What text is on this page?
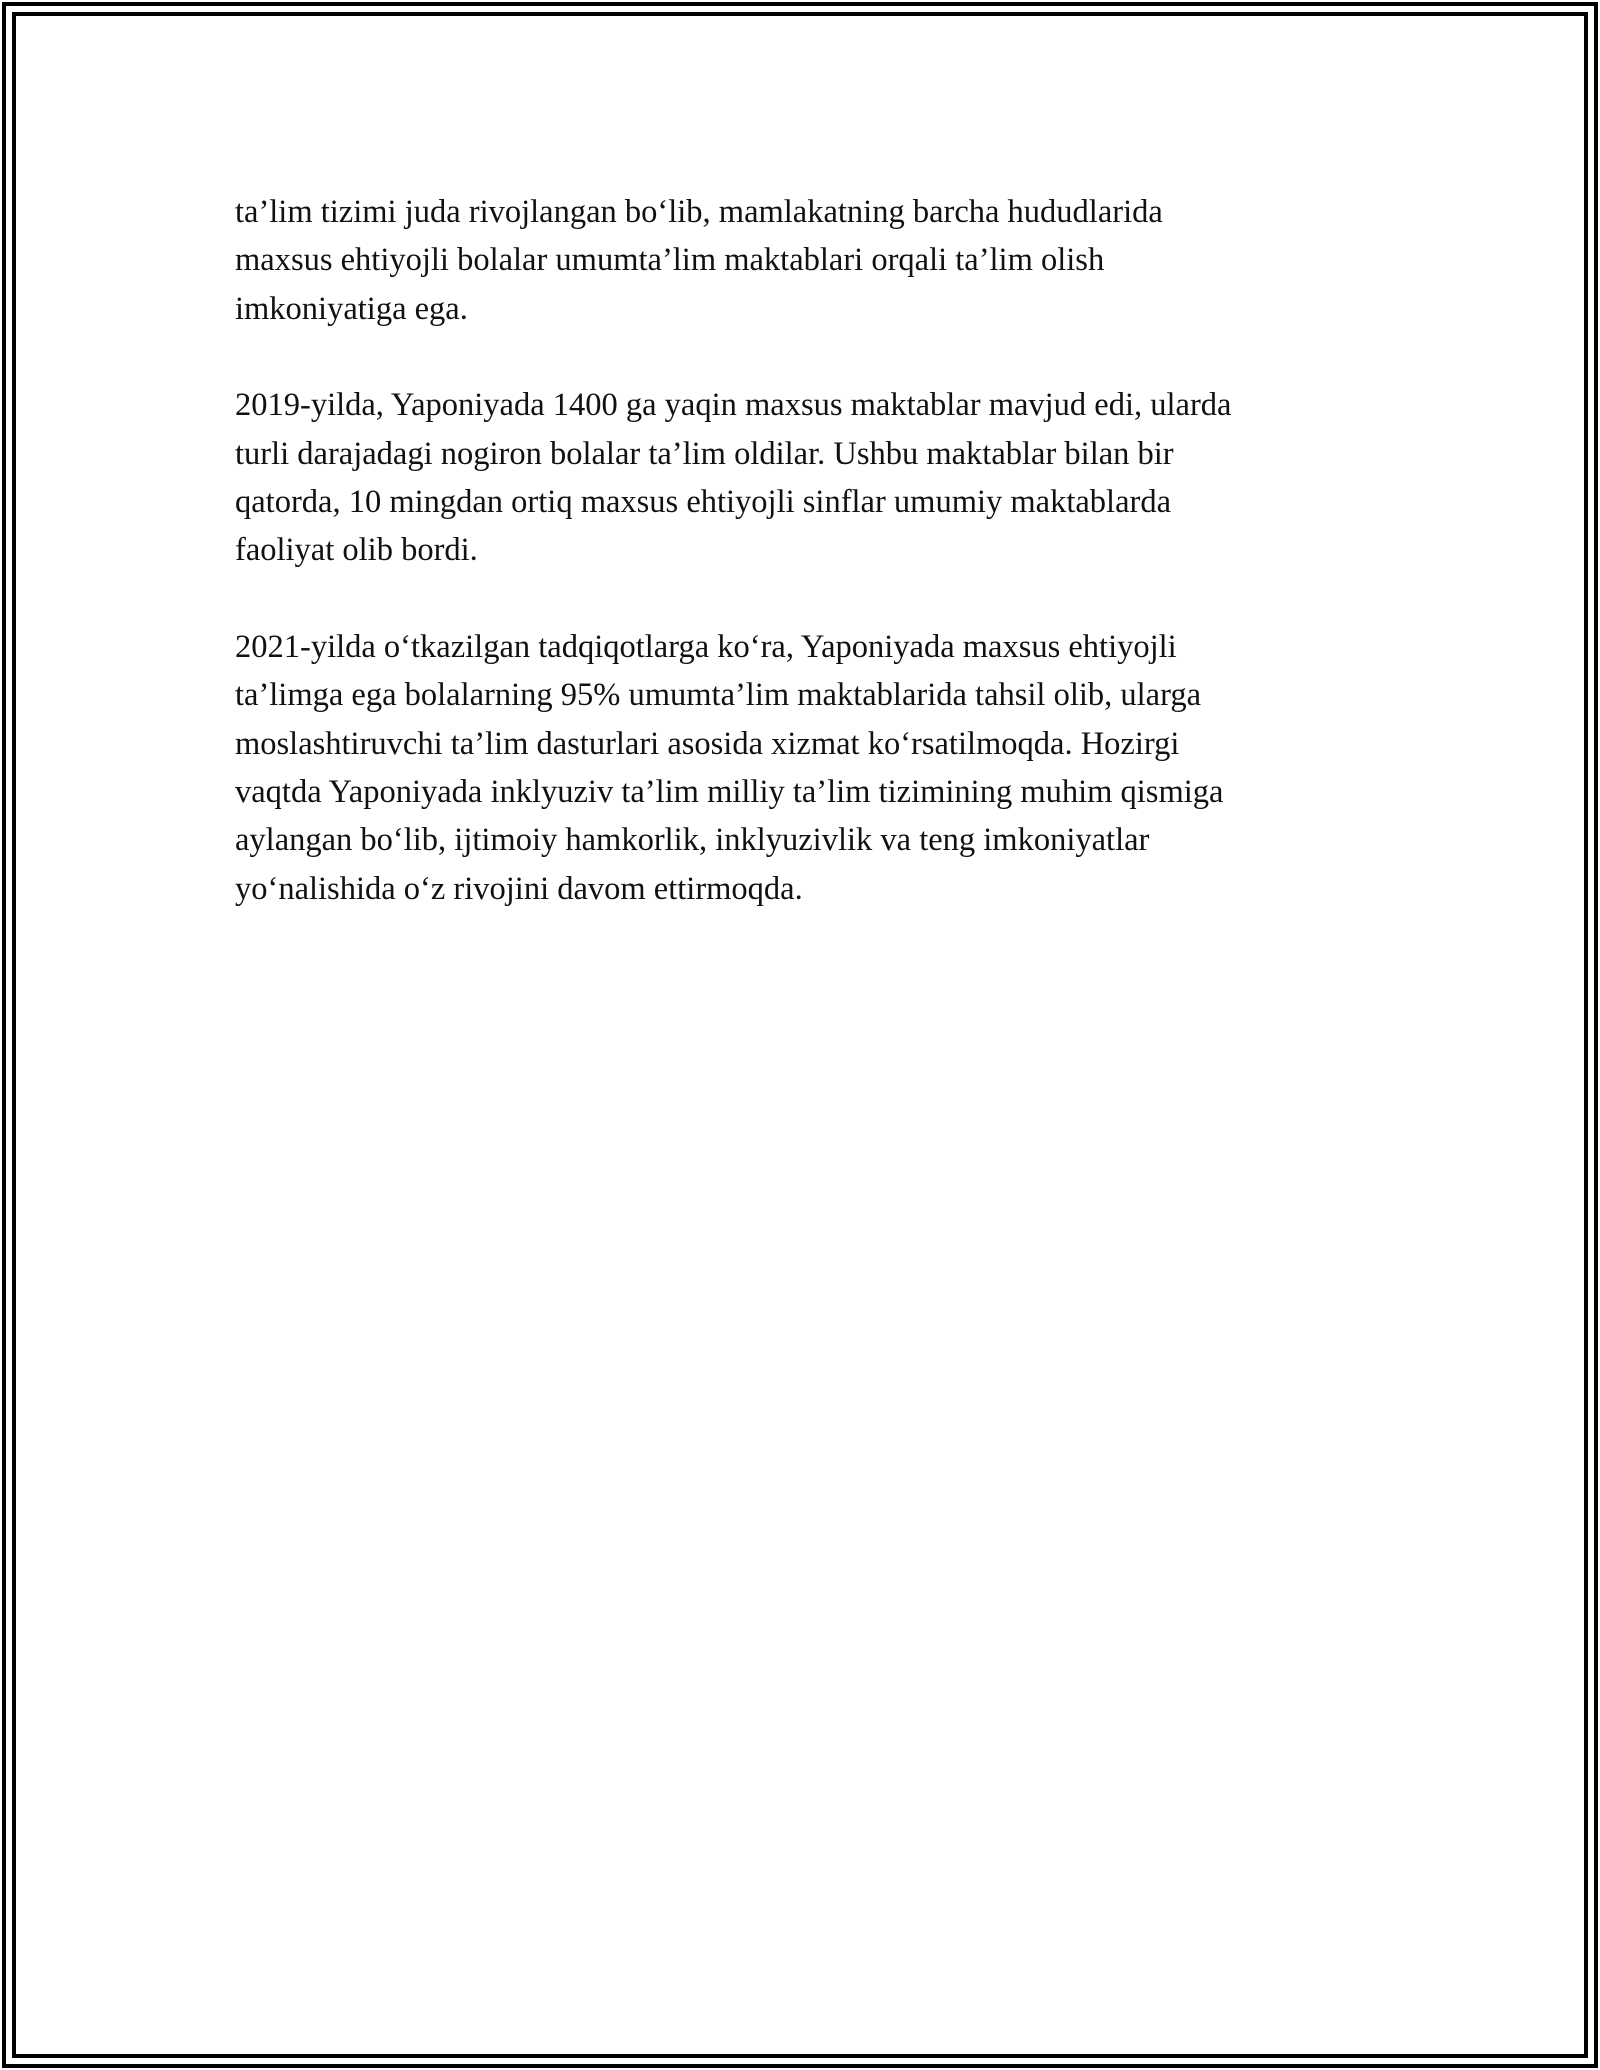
ta’lim tizimi juda rivojlangan bo‘lib, mamlakatning barcha hududlarida
maxsus ehtiyojli bolalar umumta’lim maktablari orqali ta’lim olish
imkoniyatiga ega.

2019-yilda, Yaponiyada 1400 ga yaqin maxsus maktablar mavjud edi, ularda
turli darajadagi nogiron bolalar ta’lim oldilar. Ushbu maktablar bilan bir
qatorda, 10 mingdan ortiq maxsus ehtiyojli sinflar umumiy maktablarda
faoliyat olib bordi.

2021-yilda o‘tkazilgan tadqiqotlarga ko‘ra, Yaponiyada maxsus ehtiyojli
ta’limga ega bolalarning 95% umumta’lim maktablarida tahsil olib, ularga
moslashtiruvchi ta’lim dasturlari asosida xizmat ko‘rsatilmoqda. Hozirgi
vaqtda Yaponiyada inklyuziv ta’lim milliy ta’lim tizimining muhim qismiga
aylangan bo‘lib, ijtimoiy hamkorlik, inklyuzivlik va teng imkoniyatlar
yo‘nalishida o‘z rivojini davom ettirmoqda.
